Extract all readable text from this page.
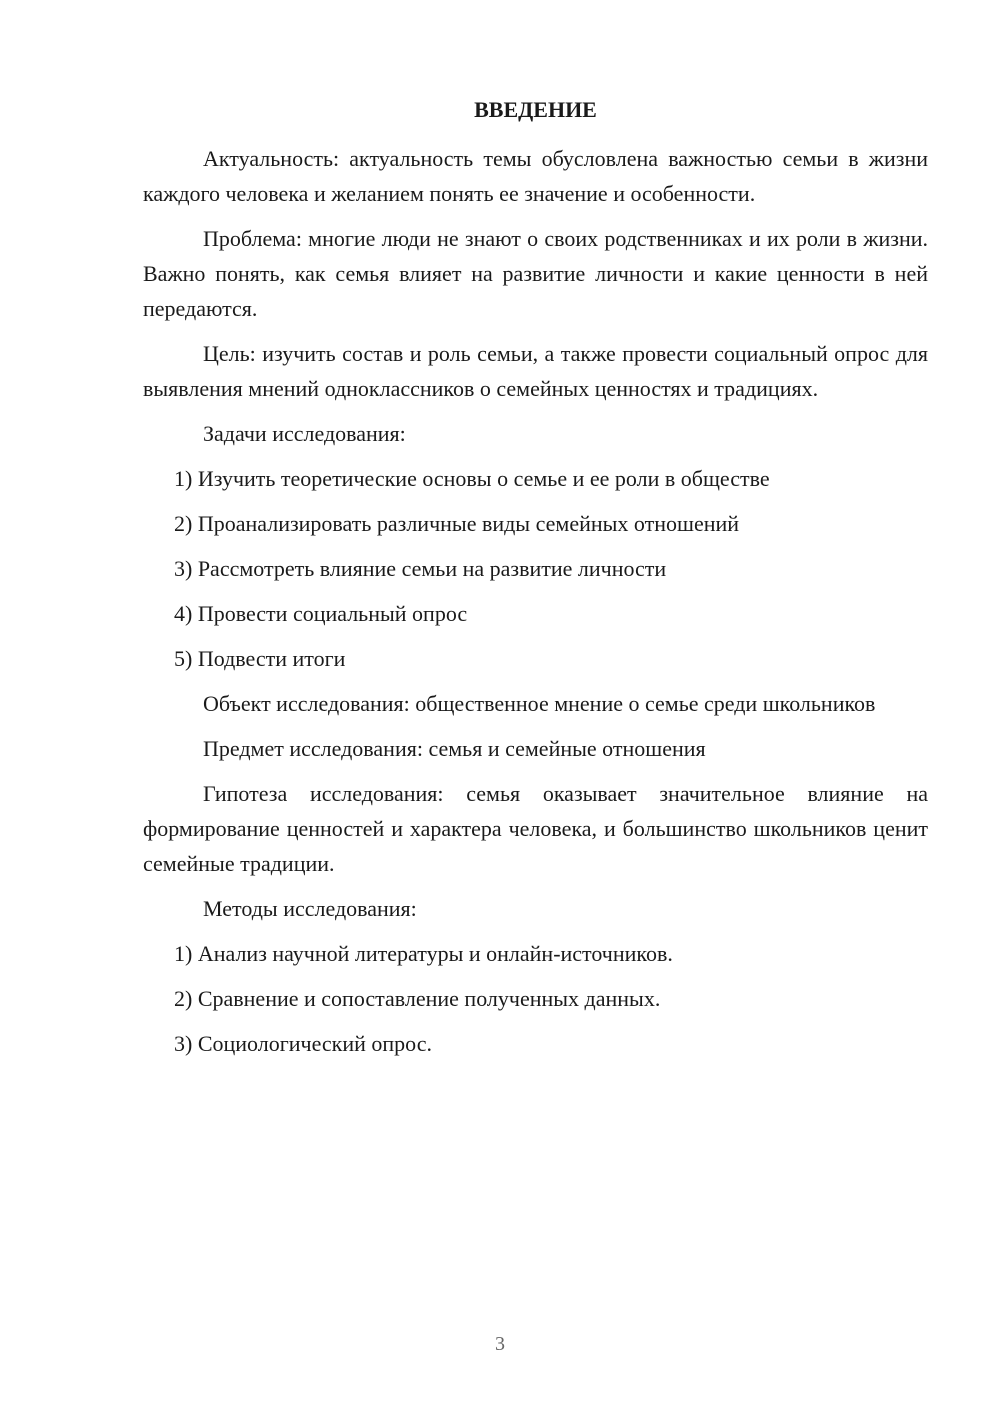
ВВЕДЕНИЕ

Актуальность: актуальность темы обусловлена важностью семьи в жизни каждого человека и желанием понять ее значение и особенности.

Проблема: многие люди не знают о своих родственниках и их роли в жизни. Важно понять, как семья влияет на развитие личности и какие ценности в ней передаются.

Цель: изучить состав и роль семьи, а также провести социальный опрос для выявления мнений одноклассников о семейных ценностях и традициях.

Задачи исследования:

1) Изучить теоретические основы о семье и ее роли в обществе
2) Проанализировать различные виды семейных отношений
3) Рассмотреть влияние семьи на развитие личности
4) Провести социальный опрос
5) Подвести итоги

Объект исследования: общественное мнение о семье среди школьников

Предмет исследования: семья и семейные отношения

Гипотеза исследования: семья оказывает значительное влияние на формирование ценностей и характера человека, и большинство школьников ценит семейные традиции.

Методы исследования:

1) Анализ научной литературы и онлайн-источников.
2) Сравнение и сопоставление полученных данных.
3) Социологический опрос.
3
